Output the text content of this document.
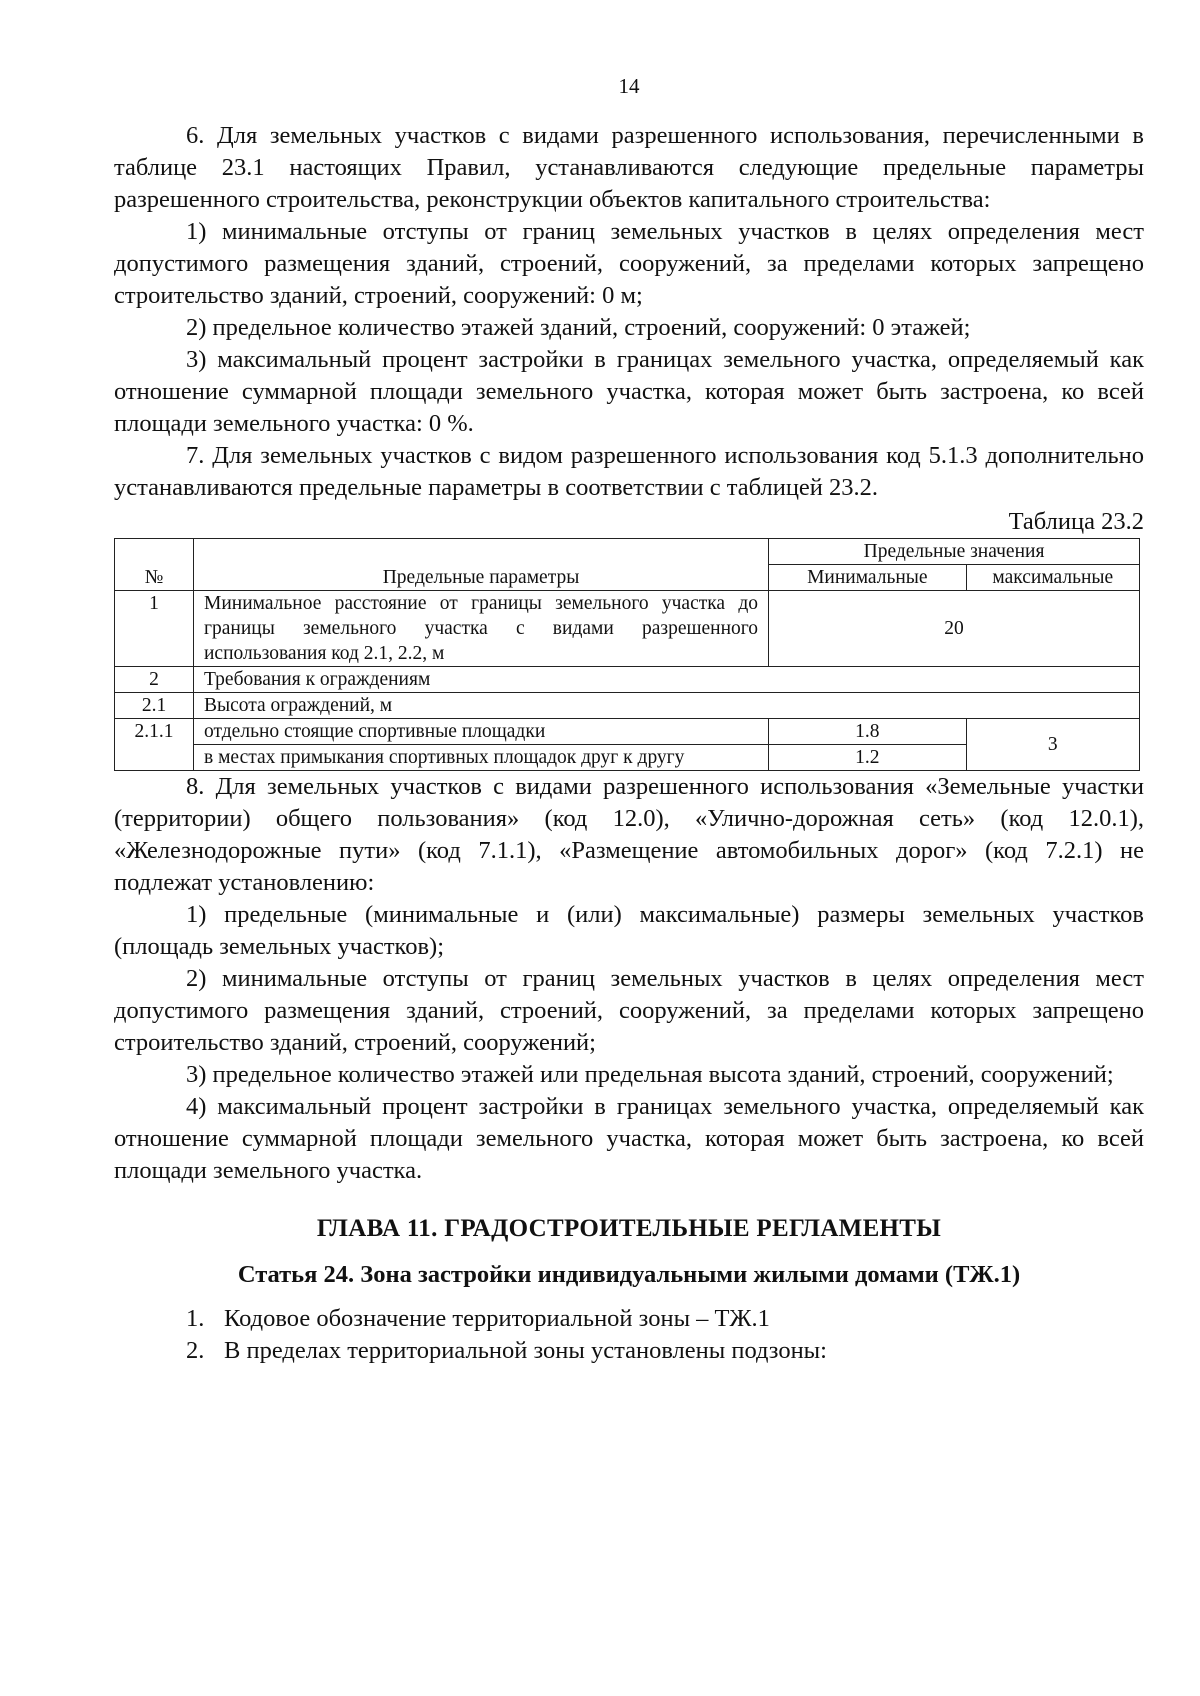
14

6. Для земельных участков с видами разрешенного использования, перечисленными в таблице 23.1 настоящих Правил, устанавливаются следующие предельные параметры разрешенного строительства, реконструкции объектов капитального строительства:

1) минимальные отступы от границ земельных участков в целях определения мест допустимого размещения зданий, строений, сооружений, за пределами которых запрещено строительство зданий, строений, сооружений: 0 м;

2) предельное количество этажей зданий, строений, сооружений: 0 этажей;

3) максимальный процент застройки в границах земельного участка, определяемый как отношение суммарной площади земельного участка, которая может быть застроена, ко всей площади земельного участка: 0 %.

7. Для земельных участков с видом разрешенного использования код 5.1.3 дополнительно устанавливаются предельные параметры в соответствии с таблицей 23.2.

Таблица 23.2
№	Предельные параметры	Предельные значения	
		Минимальные	максимальные
1	Минимальное расстояние от границы земельного участка до границы земельного участка с видами разрешенного использования код 2.1, 2.2, м	20	
2	Требования к ограждениям		
2.1	Высота ограждений, м		
2.1.1	отдельно стоящие спортивные площадки	1.8	3
	в местах примыкания спортивных площадок друг к другу	1.2	

8. Для земельных участков с видами разрешенного использования «Земельные участки (территории) общего пользования» (код 12.0), «Улично-дорожная сеть» (код 12.0.1), «Железнодорожные пути» (код 7.1.1), «Размещение автомобильных дорог» (код 7.2.1) не подлежат установлению:

1) предельные (минимальные и (или) максимальные) размеры земельных участков (площадь земельных участков);

2) минимальные отступы от границ земельных участков в целях определения мест допустимого размещения зданий, строений, сооружений, за пределами которых запрещено строительство зданий, строений, сооружений;

3) предельное количество этажей или предельная высота зданий, строений, сооружений;

4) максимальный процент застройки в границах земельного участка, определяемый как отношение суммарной площади земельного участка, которая может быть застроена, ко всей площади земельного участка.

ГЛАВА 11. ГРАДОСТРОИТЕЛЬНЫЕ РЕГЛАМЕНТЫ
Статья 24. Зона застройки индивидуальными жилыми домами (ТЖ.1)
1. Кодовое обозначение территориальной зоны – ТЖ.1
2. В пределах территориальной зоны установлены подзоны:
